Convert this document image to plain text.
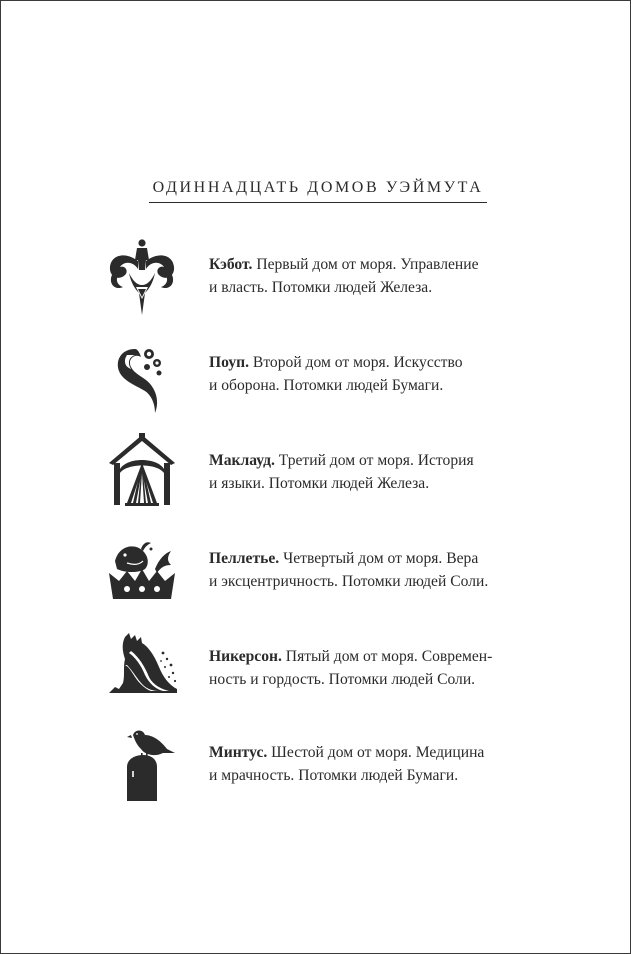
ОДИННАДЦАТЬ ДОМОВ УЭЙМУТА
Кэбот. Первый дом от моря. Управление
и власть. Потомки людей Железа.
Поуп. Второй дом от моря. Искусство
и оборона. Потомки людей Бумаги.
Маклауд. Третий дом от моря. История
и языки. Потомки людей Железа.
Пеллетье. Четвертый дом от моря. Вера
и эксцентричность. Потомки людей Соли.
Никерсон. Пятый дом от моря. Современ-
ность и гордость. Потомки людей Соли.
Минтус. Шестой дом от моря. Медицина
и мрачность. Потомки людей Бумаги.
